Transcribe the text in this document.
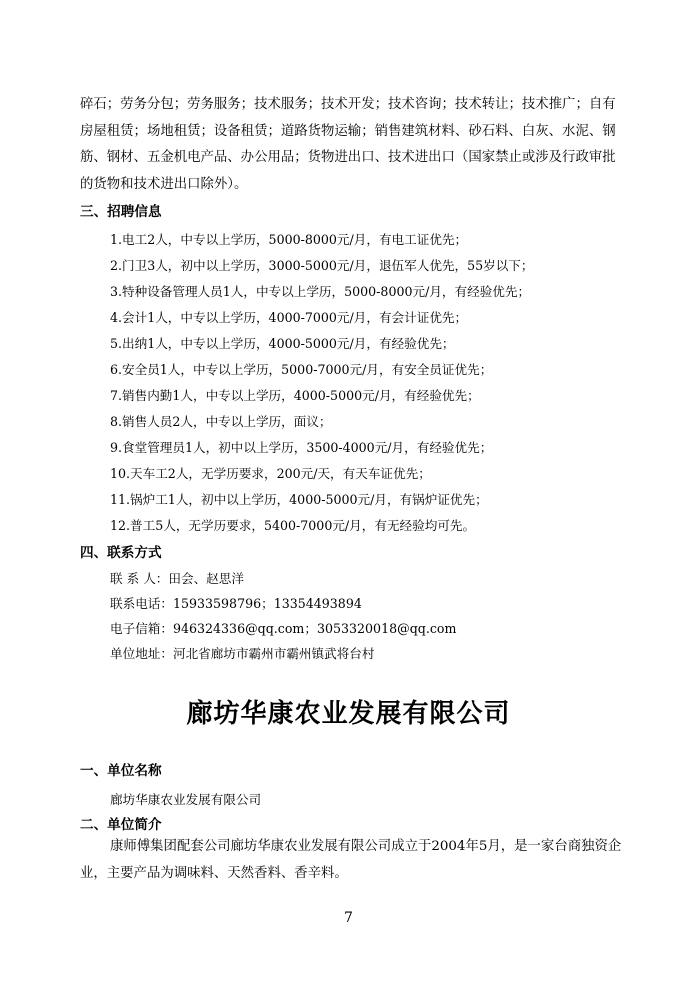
碎石；劳务分包；劳务服务；技术服务；技术开发；技术咨询；技术转让；技术推广；自有房屋租赁；场地租赁；设备租赁；道路货物运输；销售建筑材料、砂石料、白灰、水泥、钢筋、钢材、五金机电产品、办公用品；货物进出口、技术进出口（国家禁止或涉及行政审批的货物和技术进出口除外）。
三、招聘信息
1.电工2人，中专以上学历，5000-8000元/月，有电工证优先；
2.门卫3人，初中以上学历，3000-5000元/月，退伍军人优先，55岁以下；
3.特种设备管理人员1人，中专以上学历，5000-8000元/月，有经验优先；
4.会计1人，中专以上学历，4000-7000元/月，有会计证优先；
5.出纳1人，中专以上学历，4000-5000元/月，有经验优先；
6.安全员1人，中专以上学历，5000-7000元/月，有安全员证优先；
7.销售内勤1人，中专以上学历，4000-5000元/月，有经验优先；
8.销售人员2人，中专以上学历，面议；
9.食堂管理员1人，初中以上学历，3500-4000元/月，有经验优先；
10.天车工2人，无学历要求，200元/天，有天车证优先；
11.锅炉工1人，初中以上学历，4000-5000元/月，有锅炉证优先；
12.普工5人，无学历要求，5400-7000元/月，有无经验均可先。
四、联系方式
联 系 人：田会、赵思洋
联系电话：15933598796；13354493894
电子信箱：946324336@qq.com；3053320018@qq.com
单位地址：河北省廊坊市霸州市霸州镇武将台村
廊坊华康农业发展有限公司
一、单位名称
廊坊华康农业发展有限公司
二、单位简介
康师傅集团配套公司廊坊华康农业发展有限公司成立于2004年5月，是一家台商独资企业，主要产品为调味料、天然香料、香辛料。
7
